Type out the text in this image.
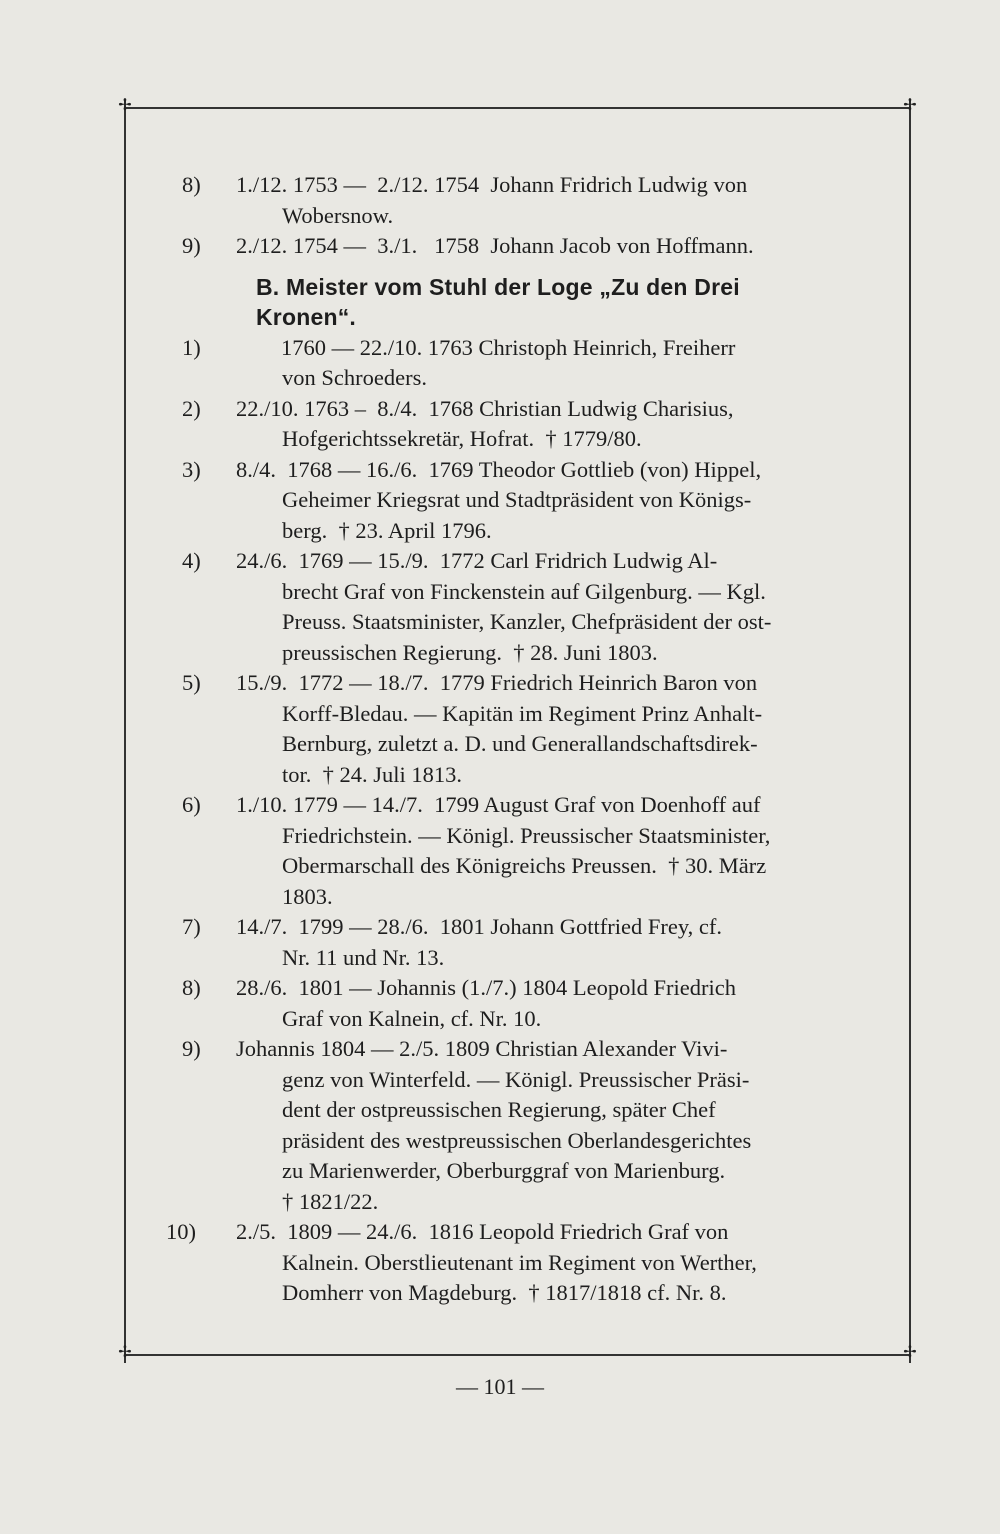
✢	✢
✢	✢
8)	1./12. 1753 —  2./12. 1754  Johann Fridrich Ludwig von
Wobersnow.
9)	2./12. 1754 —  3./1.   1758  Johann Jacob von Hoffmann.
B. Meister vom Stuhl der Loge „Zu den Drei Kronen“.
1)	1760 — 22./10. 1763 Christoph Heinrich, Freiherr
von Schroeders.
2)	22./10. 1763 –  8./4.  1768 Christian Ludwig Charisius,
Hofgerichtssekretär, Hofrat.  † 1779/80.
3)	8./4.  1768 — 16./6.  1769 Theodor Gottlieb (von) Hippel,
Geheimer Kriegsrat und Stadtpräsident von Königs-
berg.  † 23. April 1796.
4)	24./6.  1769 — 15./9.  1772 Carl Fridrich Ludwig Al-
brecht Graf von Finckenstein auf Gilgenburg. — Kgl.
Preuss. Staatsminister, Kanzler, Chefpräsident der ost-
preussischen Regierung.  † 28. Juni 1803.
5)	15./9.  1772 — 18./7.  1779 Friedrich Heinrich Baron von
Korff-Bledau. — Kapitän im Regiment Prinz Anhalt-
Bernburg, zuletzt a. D. und Generallandschaftsdirek-
tor.  † 24. Juli 1813.
6)	1./10. 1779 — 14./7.  1799 August Graf von Doenhoff auf
Friedrichstein. — Königl. Preussischer Staatsminister,
Obermarschall des Königreichs Preussen.  † 30. März
1803.
7)	14./7.  1799 — 28./6.  1801 Johann Gottfried Frey, cf.
Nr. 11 und Nr. 13.
8)	28./6.  1801 — Johannis (1./7.) 1804 Leopold Friedrich
Graf von Kalnein, cf. Nr. 10.
9)	Johannis 1804 — 2./5. 1809 Christian Alexander Vivi-
genz von Winterfeld. — Königl. Preussischer Präsi-
dent der ostpreussischen Regierung, später Chef
präsident des westpreussischen Oberlandesgerichtes
zu Marienwerder, Oberburggraf von Marienburg.
† 1821/22.
10)	2./5.  1809 — 24./6.  1816 Leopold Friedrich Graf von
Kalnein. Oberstlieutenant im Regiment von Werther,
Domherr von Magdeburg.  † 1817/1818 cf. Nr. 8.
— 101 —
